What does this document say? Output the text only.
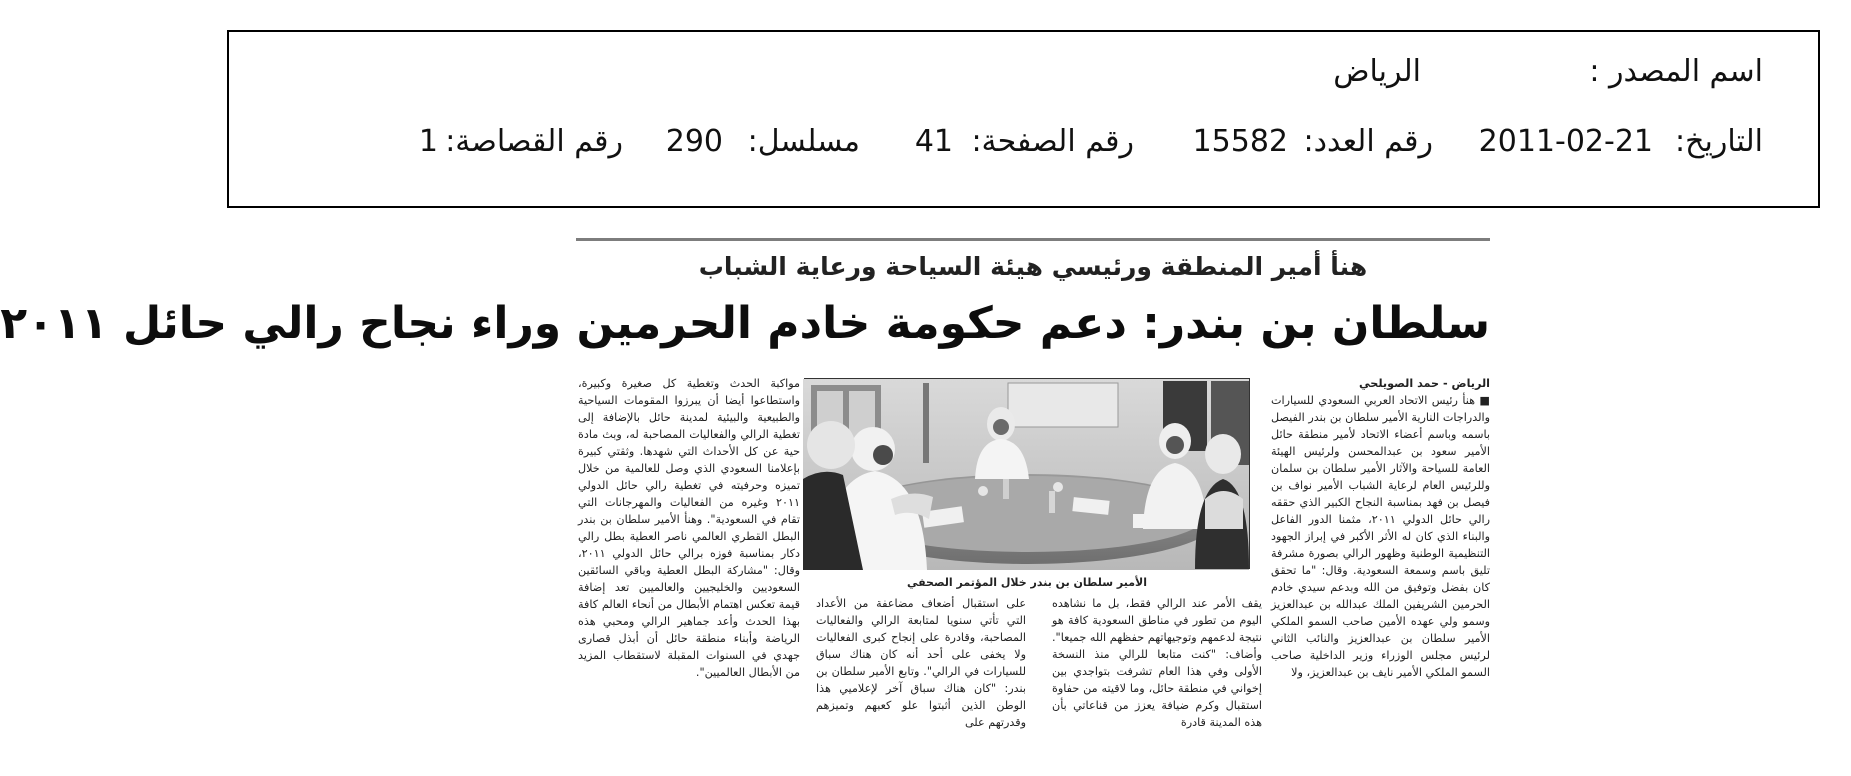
اسم المصدر :
الرياض
التاريخ:
2011-02-21
رقم العدد:
15582
رقم الصفحة:
41
مسلسل:
290
رقم القصاصة:
1
هنأ أمير المنطقة ورئيسي هيئة السياحة ورعاية الشباب
سلطان بن بندر: دعم حكومة خادم الحرمين وراء نجاح رالي حائل ٢٠١١
الرياض - حمد الصويلحي

■ هنأ رئيس الاتحاد العربي السعودي للسيارات والدراجات النارية الأمير سلطان بن بندر الفيصل باسمه وباسم أعضاء الاتحاد لأمير منطقة حائل الأمير سعود بن عبدالمحسن ولرئيس الهيئة العامة للسياحة والآثار الأمير سلطان بن سلمان وللرئيس العام لرعاية الشباب الأمير نواف بن فيصل بن فهد بمناسبة النجاح الكبير الذي حققه رالي حائل الدولي ٢٠١١، مثمنا الدور الفاعل والبناء الذي كان له الأثر الأكبر في إبراز الجهود التنظيمية الوطنية وظهور الرالي بصورة مشرفة تليق باسم وسمعة السعودية. وقال: "ما تحقق كان بفضل وتوفيق من الله وبدعم سيدي خادم الحرمين الشريفين الملك عبدالله بن عبدالعزيز وسمو ولي عهده الأمين صاحب السمو الملكي الأمير سلطان بن عبدالعزيز والنائب الثاني لرئيس مجلس الوزراء وزير الداخلية صاحب السمو الملكي الأمير نايف بن عبدالعزيز، ولا

الأمير سلطان بن بندر خلال المؤتمر الصحفي

يقف الأمر عند الرالي فقط، بل ما نشاهده اليوم من تطور في مناطق السعودية كافة هو نتيجة لدعمهم وتوجيهاتهم حفظهم الله جميعا". وأضاف: "كنت متابعا للرالي منذ النسخة الأولى وفي هذا العام تشرفت بتواجدي بين إخواني في منطقة حائل، وما لاقيته من حفاوة استقبال وكرم ضيافة يعزز من قناعاتي بأن هذه المدينة قادرة

على استقبال أضعاف مضاعفة من الأعداد التي تأتي سنويا لمتابعة الرالي والفعاليات المصاحبة، وقادرة على إنجاح كبرى الفعاليات ولا يخفى على أحد أنه كان هناك سباق للسيارات في الرالي". وتابع الأمير سلطان بن بندر: "كان هناك سباق آخر لإعلاميي هذا الوطن الذين أثبتوا علو كعبهم وتميزهم وقدرتهم على

مواكبة الحدث وتغطية كل صغيرة وكبيرة، واستطاعوا أيضا أن يبرزوا المقومات السياحية والطبيعية والبيئية لمدينة حائل بالإضافة إلى تغطية الرالي والفعاليات المصاحبة له، وبث مادة حية عن كل الأحداث التي شهدها. وثقتي كبيرة بإعلامنا السعودي الذي وصل للعالمية من خلال تميزه وحرفيته في تغطية رالي حائل الدولي ٢٠١١ وغيره من الفعاليات والمهرجانات التي تقام في السعودية". وهنأ الأمير سلطان بن بندر البطل القطري العالمي ناصر العطية بطل رالي دكار بمناسبة فوزه برالي حائل الدولي ٢٠١١، وقال: "مشاركة البطل العطية وباقي السائقين السعوديين والخليجيين والعالميين تعد إضافة قيمة تعكس اهتمام الأبطال من أنحاء العالم كافة بهذا الحدث وأعد جماهير الرالي ومحبي هذه الرياضة وأبناء منطقة حائل أن أبذل قصارى جهدي في السنوات المقبلة لاستقطاب المزيد من الأبطال العالميين".
